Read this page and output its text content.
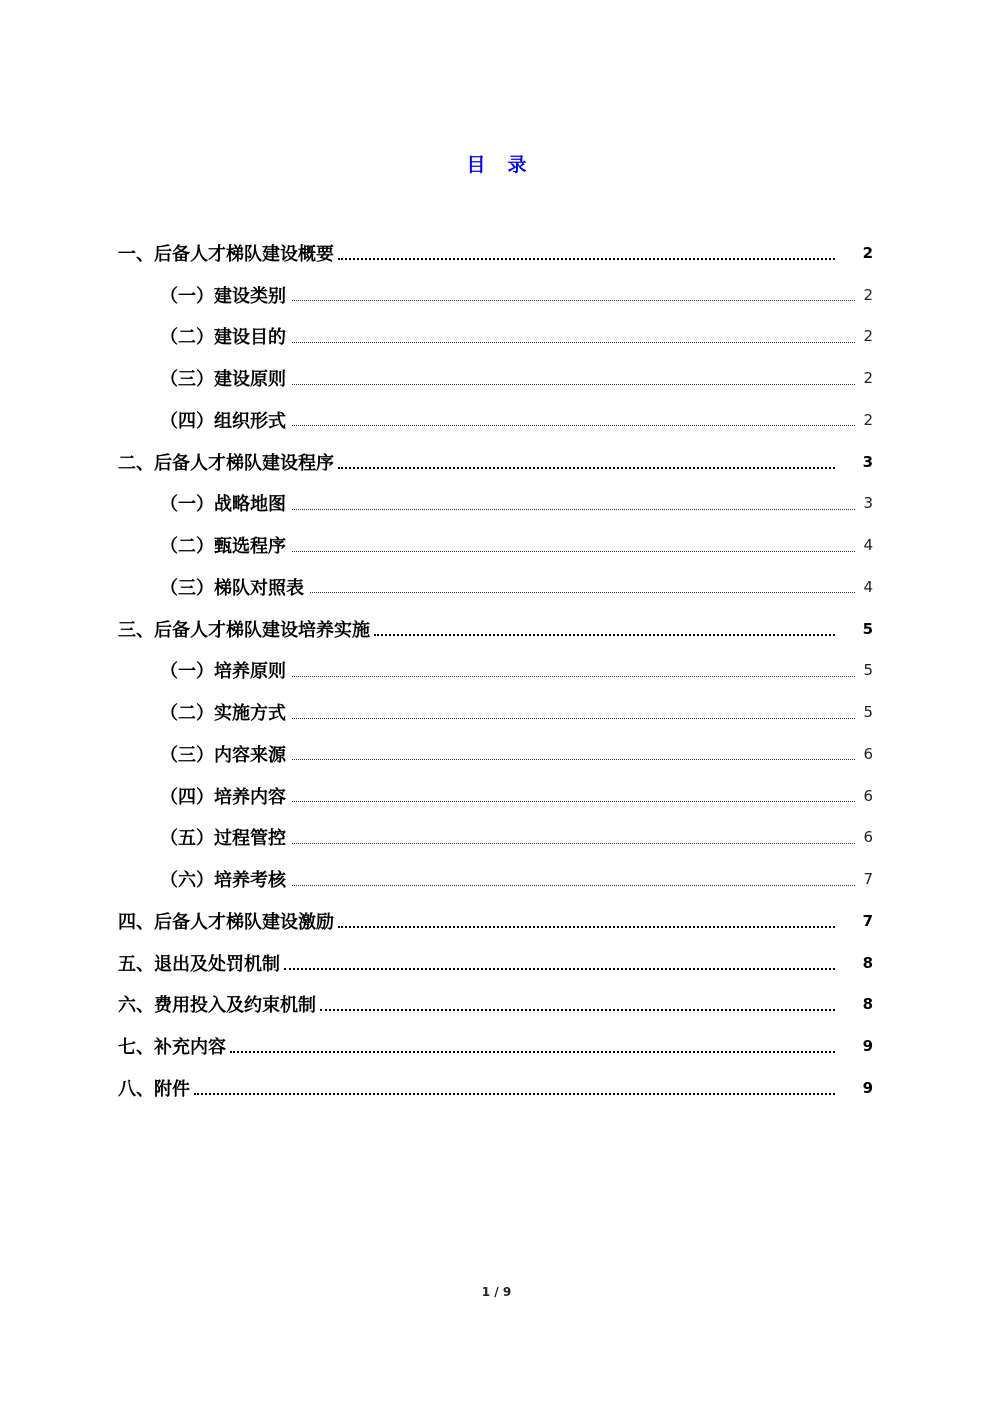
目 录
一、后备人才梯队建设概要	2
（一）建设类别	2
（二）建设目的	2
（三）建设原则	2
（四）组织形式	2
二、后备人才梯队建设程序	3
（一）战略地图	3
（二）甄选程序	4
（三）梯队对照表	4
三、后备人才梯队建设培养实施	5
（一）培养原则	5
（二）实施方式	5
（三）内容来源	6
（四）培养内容	6
（五）过程管控	6
（六）培养考核	7
四、后备人才梯队建设激励	7
五、退出及处罚机制	8
六、费用投入及约束机制	8
七、补充内容	9
八、附件	9
1 / 9
